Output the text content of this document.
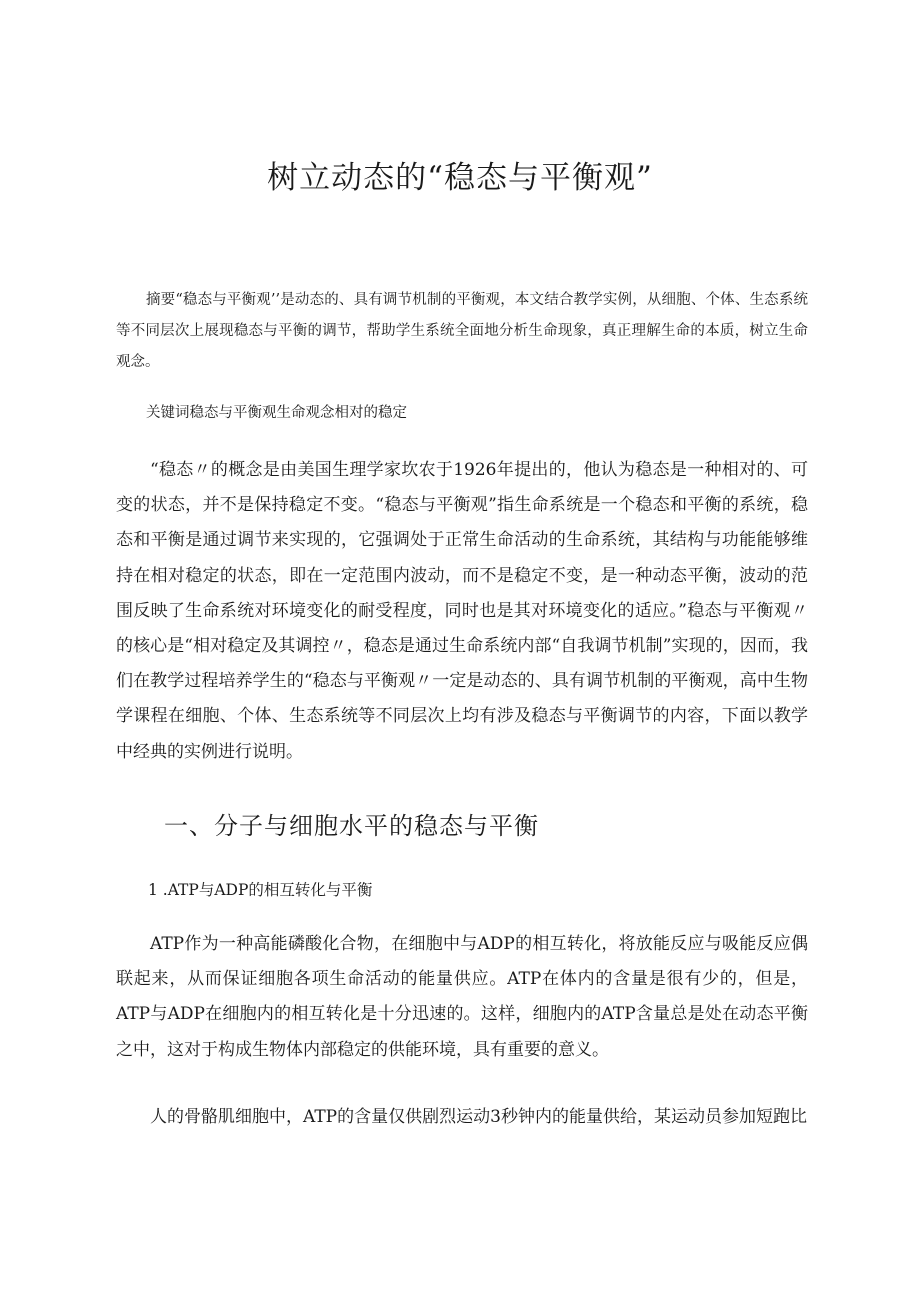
树立动态的“稳态与平衡观”

摘要“稳态与平衡观’’是动态的、具有调节机制的平衡观，本文结合教学实例，从细胞、个体、生态系统等不同层次上展现稳态与平衡的调节，帮助学生系统全面地分析生命现象，真正理解生命的本质，树立生命观念。

关键词稳态与平衡观生命观念相对的稳定

“稳态〃的概念是由美国生理学家坎农于1926年提出的，他认为稳态是一种相对的、可变的状态，并不是保持稳定不变。“稳态与平衡观”指生命系统是一个稳态和平衡的系统，稳态和平衡是通过调节来实现的，它强调处于正常生命活动的生命系统，其结构与功能能够维持在相对稳定的状态，即在一定范围内波动，而不是稳定不变，是一种动态平衡，波动的范围反映了生命系统对环境变化的耐受程度，同时也是其对环境变化的适应。”稳态与平衡观〃的核心是“相对稳定及其调控〃，稳态是通过生命系统内部“自我调节机制”实现的，因而，我们在教学过程培养学生的“稳态与平衡观〃一定是动态的、具有调节机制的平衡观，高中生物学课程在细胞、个体、生态系统等不同层次上均有涉及稳态与平衡调节的内容，下面以教学中经典的实例进行说明。

一、分子与细胞水平的稳态与平衡
1 .ATP与ADP的相互转化与平衡

ATP作为一种高能磷酸化合物，在细胞中与ADP的相互转化，将放能反应与吸能反应偶联起来，从而保证细胞各项生命活动的能量供应。ATP在体内的含量是很有少的，但是，ATP与ADP在细胞内的相互转化是十分迅速的。这样，细胞内的ATP含量总是处在动态平衡之中，这对于构成生物体内部稳定的供能环境，具有重要的意义。

人的骨骼肌细胞中，ATP的含量仅供剧烈运动3秒钟内的能量供给，某运动员参加短跑比
